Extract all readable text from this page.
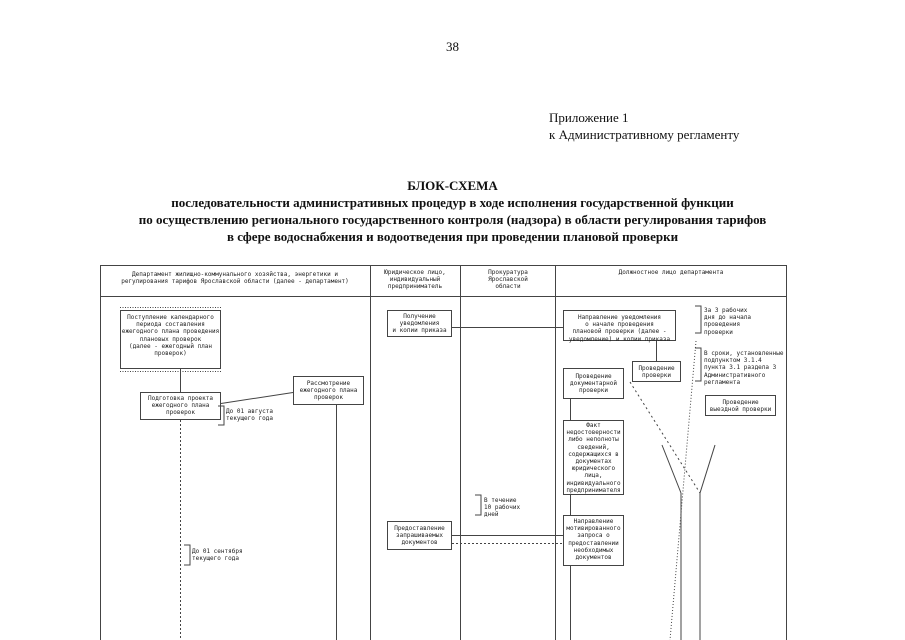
38
Приложение 1
к Административному регламенту
БЛОК-СХЕМА
последовательности административных процедур в ходе исполнения государственной функции
по осуществлению регионального государственного контроля (надзора) в области регулирования тарифов
в сфере водоснабжения и водоотведения при проведении плановой проверки
Департамент жилищно-коммунального хозяйства, энергетики и
регулирования тарифов Ярославской области (далее - департамент)
Юридическое лицо,
индивидуальный
предприниматель
Прокуратура
Ярославской
области
Должностное лицо департамента
Поступление календарного
периода составления
ежегодного плана проведения
плановых проверок
(далее - ежегодный план
проверок)
Подготовка проекта
ежегодного плана
проверок
Рассмотрение
ежегодного плана
проверок
Получение
уведомления
и копии приказа
Направление уведомления
о начале проведения
плановой проверки (далее -
уведомление) и копии приказа
Проведение
документарной
проверки
Проведение
проверки
Проведение
выездной проверки
Факт
недостоверности
либо неполноты
сведений,
содержащихся в
документах
юридического
лица,
индивидуального
предпринимателя
Предоставление
запрашиваемых
документов
Направление
мотивированного
запроса о
предоставлении
необходимых
документов
До 01 августа
текущего года
До 01 сентября
текущего года
За 3 рабочих
дня до начала
проведения
проверки
В сроки, установленные
подпунктом 3.1.4
пункта 3.1 раздела 3
Административного
регламента
В течение
10 рабочих
дней
